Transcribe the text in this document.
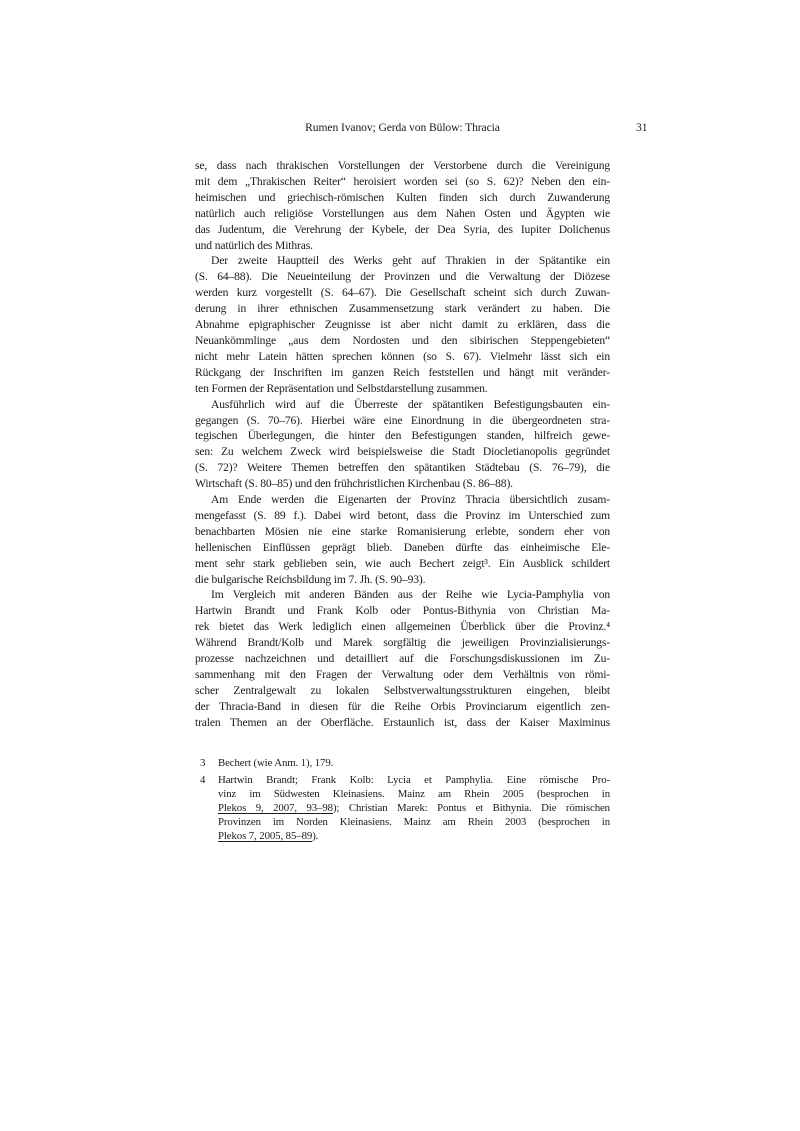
Rumen Ivanov; Gerda von Bülow: Thracia	31
se, dass nach thrakischen Vorstellungen der Verstorbene durch die Vereinigung
mit dem „Thrakischen Reiter“ heroisiert worden sei (so S. 62)? Neben den ein-
heimischen und griechisch-römischen Kulten finden sich durch Zuwanderung
natürlich auch religiöse Vorstellungen aus dem Nahen Osten und Ägypten wie
das Judentum, die Verehrung der Kybele, der Dea Syria, des Iupiter Dolichenus
und natürlich des Mithras.
Der zweite Hauptteil des Werks geht auf Thrakien in der Spätantike ein
(S. 64–88). Die Neueinteilung der Provinzen und die Verwaltung der Diözese
werden kurz vorgestellt (S. 64–67). Die Gesellschaft scheint sich durch Zuwan-
derung in ihrer ethnischen Zusammensetzung stark verändert zu haben. Die
Abnahme epigraphischer Zeugnisse ist aber nicht damit zu erklären, dass die
Neuankömmlinge „aus dem Nordosten und den sibirischen Steppengebieten“
nicht mehr Latein hätten sprechen können (so S. 67). Vielmehr lässt sich ein
Rückgang der Inschriften im ganzen Reich feststellen und hängt mit veränder-
ten Formen der Repräsentation und Selbstdarstellung zusammen.
Ausführlich wird auf die Überreste der spätantiken Befestigungsbauten ein-
gegangen (S. 70–76). Hierbei wäre eine Einordnung in die übergeordneten stra-
tegischen Überlegungen, die hinter den Befestigungen standen, hilfreich gewe-
sen: Zu welchem Zweck wird beispielsweise die Stadt Diocletianopolis gegründet
(S. 72)? Weitere Themen betreffen den spätantiken Städtebau (S. 76–79), die
Wirtschaft (S. 80–85) und den frühchristlichen Kirchenbau (S. 86–88).
Am Ende werden die Eigenarten der Provinz Thracia übersichtlich zusam-
mengefasst (S. 89 f.). Dabei wird betont, dass die Provinz im Unterschied zum
benachbarten Mösien nie eine starke Romanisierung erlebte, sondern eher von
hellenischen Einflüssen geprägt blieb. Daneben dürfte das einheimische Ele-
ment sehr stark geblieben sein, wie auch Bechert zeigt³. Ein Ausblick schildert
die bulgarische Reichsbildung im 7. Jh. (S. 90–93).
Im Vergleich mit anderen Bänden aus der Reihe wie Lycia-Pamphylia von
Hartwin Brandt und Frank Kolb oder Pontus-Bithynia von Christian Ma-
rek bietet das Werk lediglich einen allgemeinen Überblick über die Provinz.⁴
Während Brandt/Kolb und Marek sorgfältig die jeweiligen Provinzialisierungs-
prozesse nachzeichnen und detailliert auf die Forschungsdiskussionen im Zu-
sammenhang mit den Fragen der Verwaltung oder dem Verhältnis von römi-
scher Zentralgewalt zu lokalen Selbstverwaltungsstrukturen eingehen, bleibt
der Thracia-Band in diesen für die Reihe Orbis Provinciarum eigentlich zen-
tralen Themen an der Oberfläche. Erstaunlich ist, dass der Kaiser Maximinus
3	Bechert (wie Anm. 1), 179.
4	Hartwin Brandt; Frank Kolb: Lycia et Pamphylia. Eine römische Pro-
vinz im Südwesten Kleinasiens. Mainz am Rhein 2005 (besprochen in
Plekos 9, 2007, 93–98); Christian Marek: Pontus et Bithynia. Die römischen
Provinzen im Norden Kleinasiens. Mainz am Rhein 2003 (besprochen in
Plekos 7, 2005, 85–89).
